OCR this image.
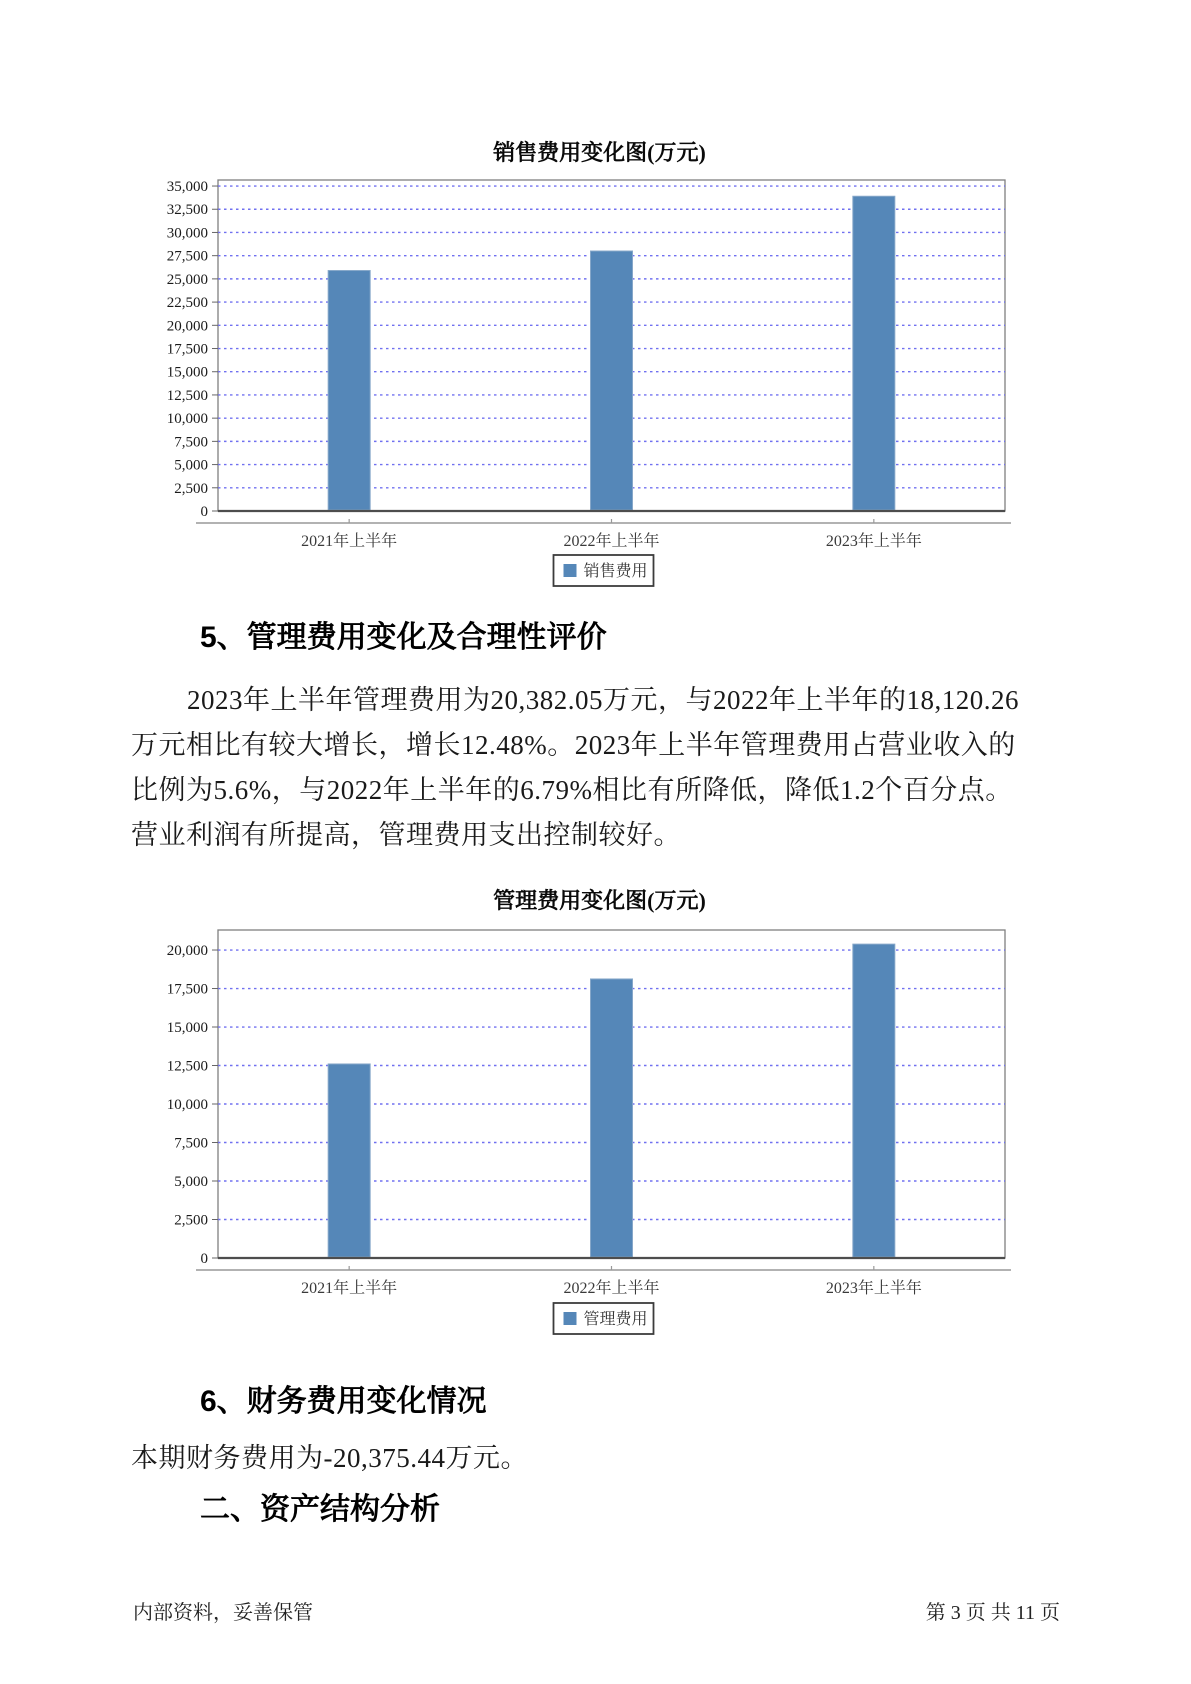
销售费用变化图(万元)
2,500
5,000
7,500
10,000
12,500
15,000
17,500
20,000
22,500
25,000
27,500
30,000
32,500
35,000
0
2021年上半年	2022年上半年	2023年上半年
销售费用
5、管理费用变化及合理性评价
2023年上半年管理费用为20,382.05万元，与2022年上半年的18,120.26
万元相比有较大增长，增长12.48%。2023年上半年管理费用占营业收入的
比例为5.6%，与2022年上半年的6.79%相比有所降低，降低1.2个百分点。
营业利润有所提高，管理费用支出控制较好。
管理费用变化图(万元)
2,500
5,000
7,500
10,000
12,500
15,000
17,500
20,000
0
2021年上半年	2022年上半年	2023年上半年
管理费用
6、财务费用变化情况
本期财务费用为-20,375.44万元。
二、资产结构分析
内部资料，妥善保管	第 3 页 共 11 页
